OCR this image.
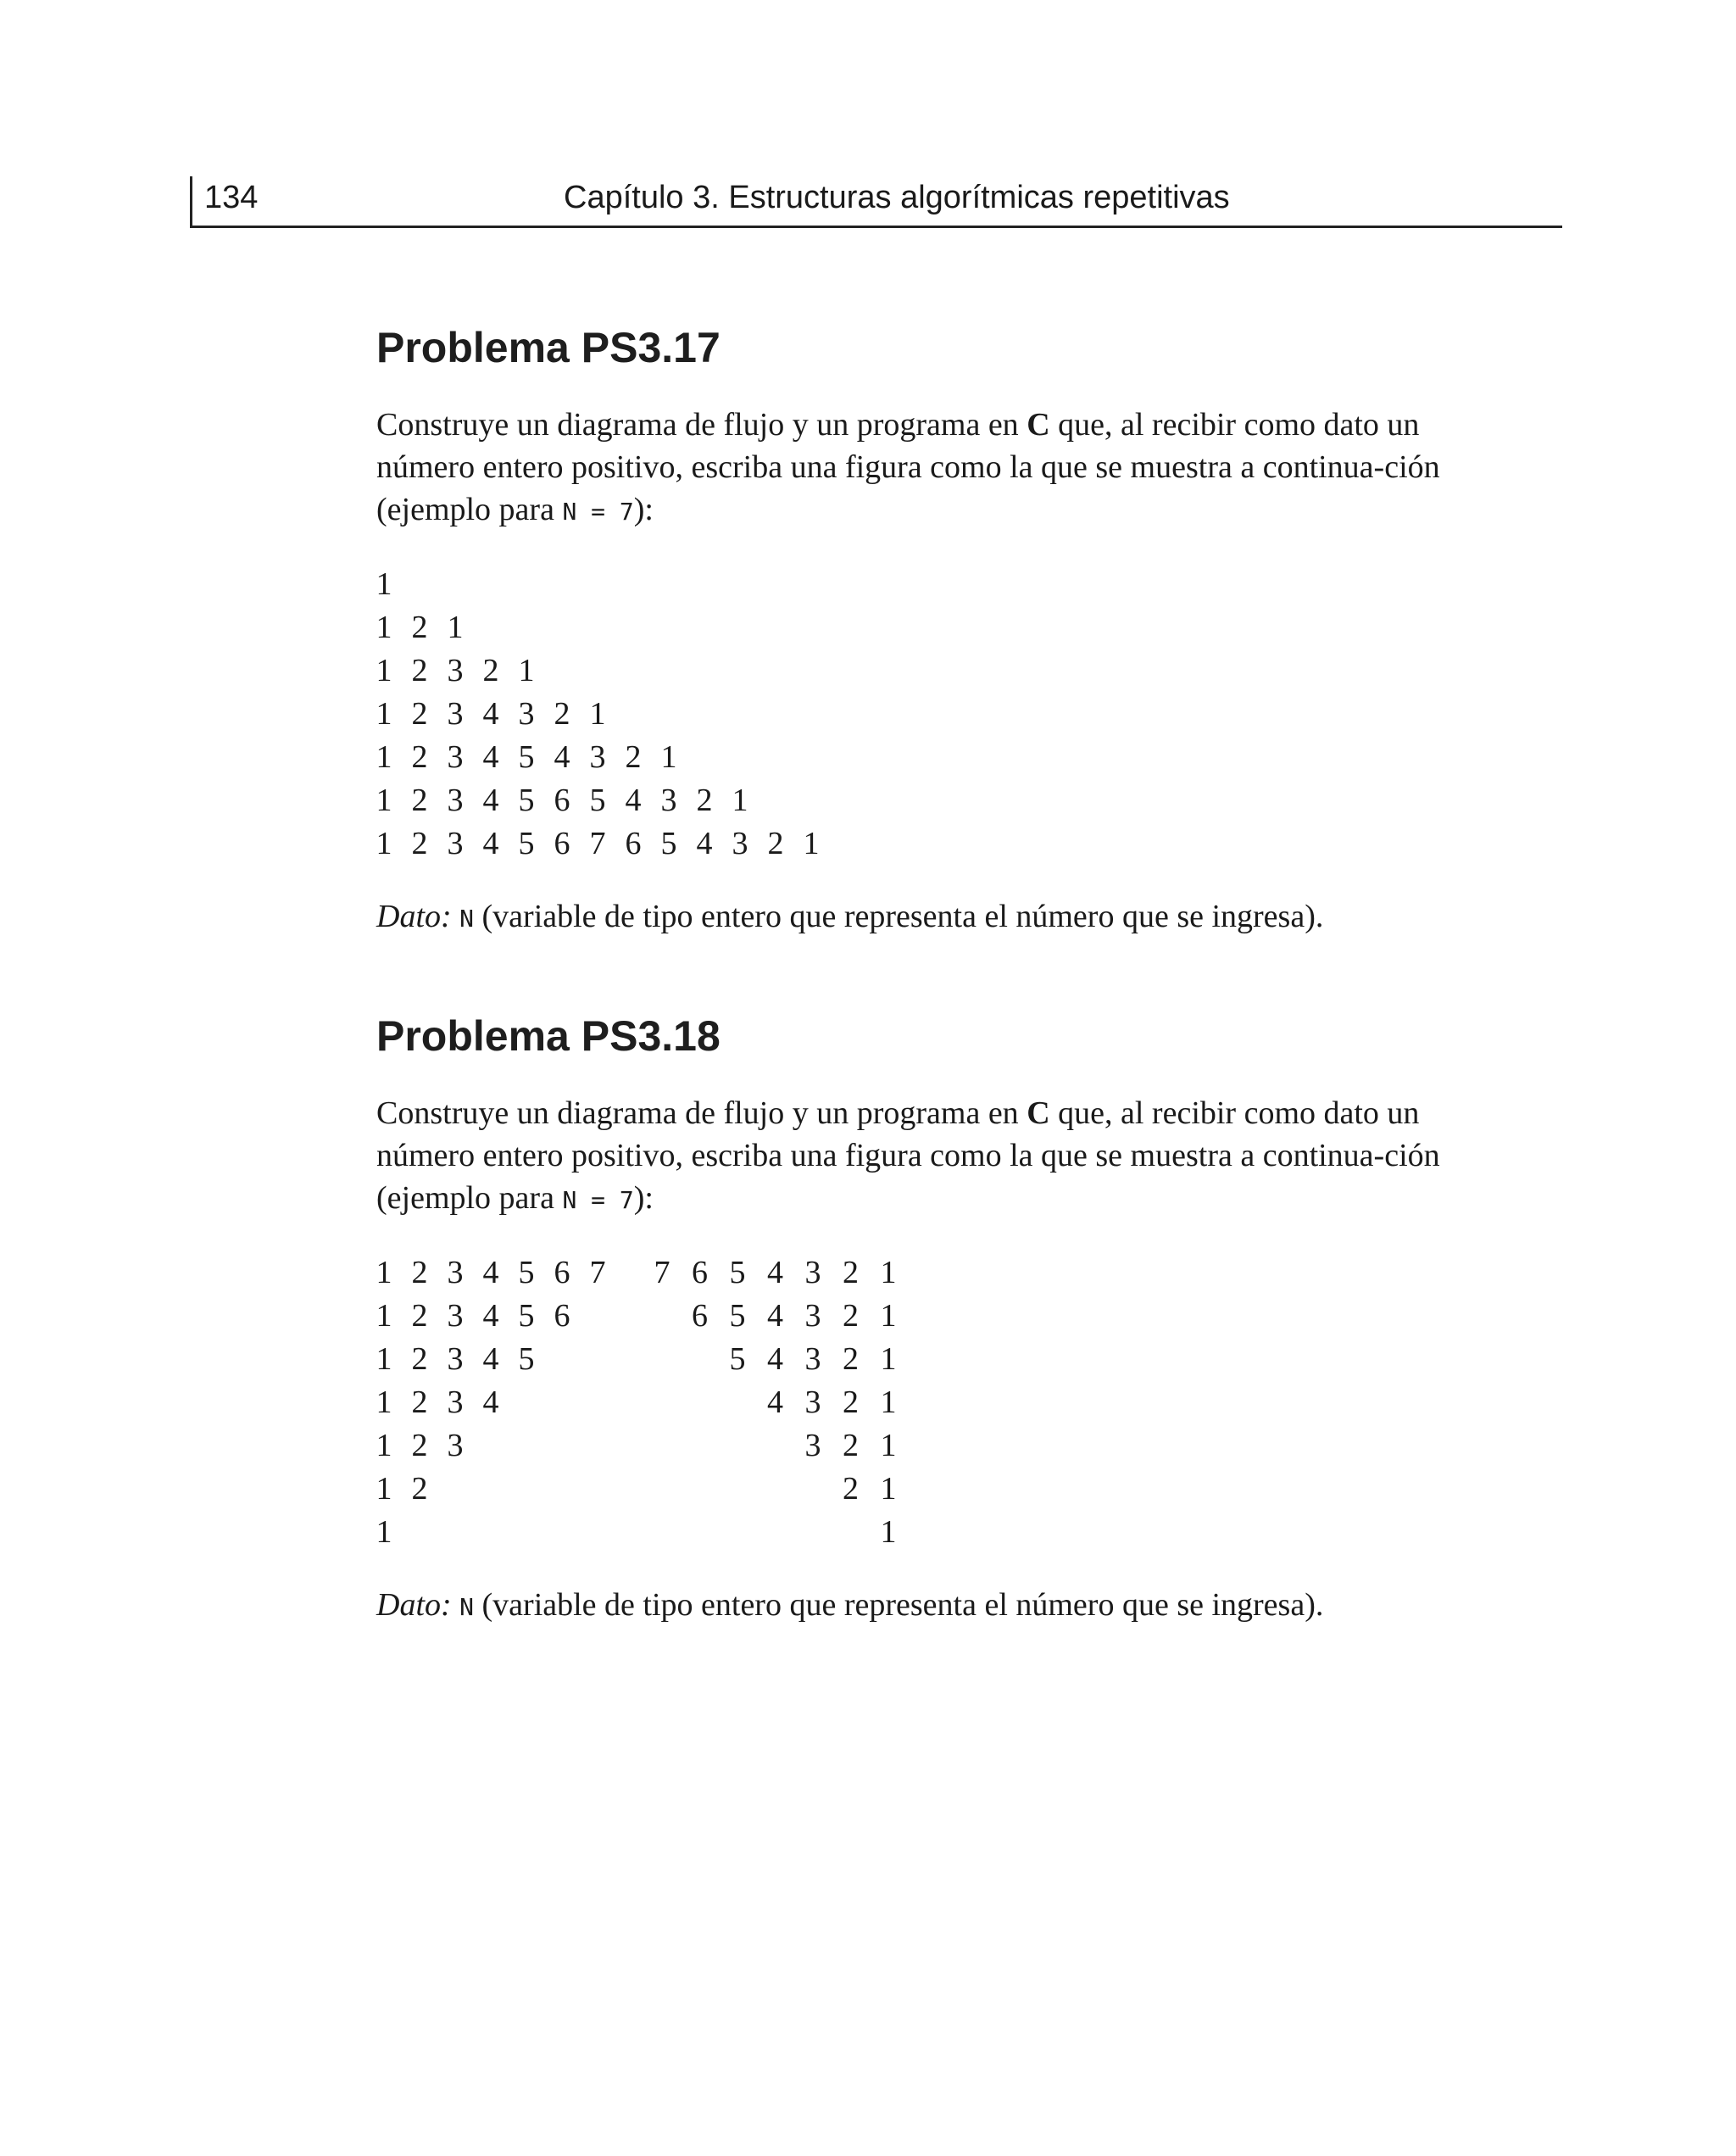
134	Capítulo 3. Estructuras algorítmicas repetitivas
Problema PS3.17

Construye un diagrama de flujo y un programa en C que, al recibir como dato un número entero positivo, escriba una figura como la que se muestra a continua-ción (ejemplo para N = 7):

1
1 2 1
1 2 3 2 1
1 2 3 4 3 2 1
1 2 3 4 5 4 3 2 1
1 2 3 4 5 6 5 4 3 2 1
1 2 3 4 5 6 7 6 5 4 3 2 1

Dato: N (variable de tipo entero que representa el número que se ingresa).

Problema PS3.18

Construye un diagrama de flujo y un programa en C que, al recibir como dato un número entero positivo, escriba una figura como la que se muestra a continua-ción (ejemplo para N = 7):

1 2 3 4 5 6 7
1 2 3 4 5 6
1 2 3 4 5
1 2 3 4
1 2 3
1 2
1
7 6 5 4 3 2 1
6 5 4 3 2 1
5 4 3 2 1
4 3 2 1
3 2 1
2 1
1

Dato: N (variable de tipo entero que representa el número que se ingresa).
